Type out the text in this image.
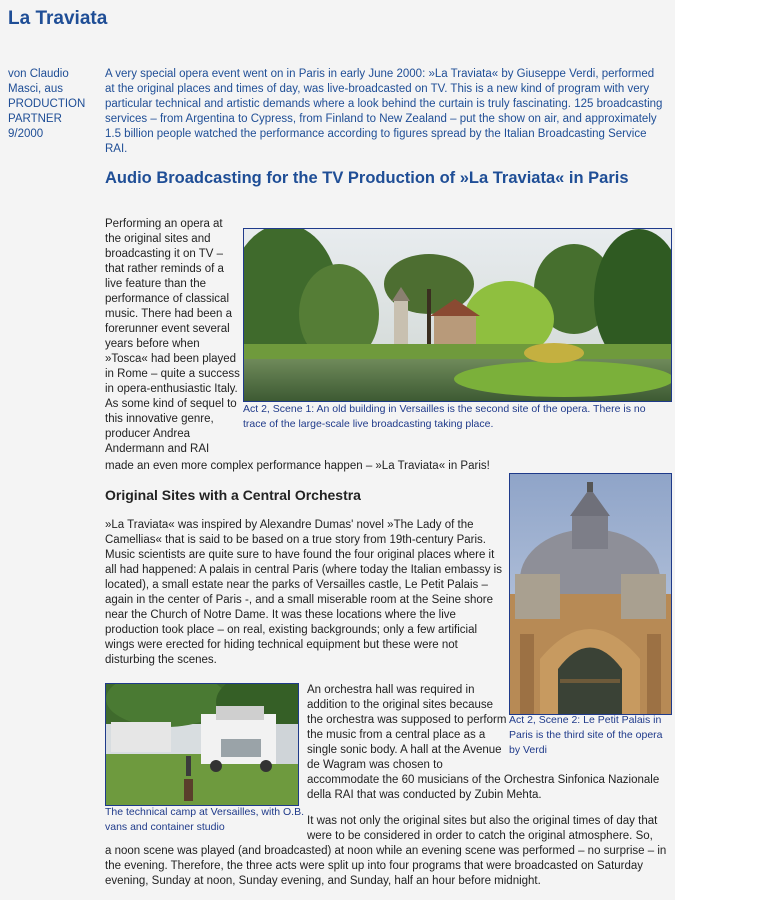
La Traviata
von Claudio Masci, aus PRODUCTION PARTNER 9/2000
A very special opera event went on in Paris in early June 2000: »La Traviata« by Giuseppe Verdi, performed at the original places and times of day, was live-broadcasted on TV. This is a new kind of program with very particular technical and artistic demands where a look behind the curtain is truly fascinating. 125 broadcasting services – from Argentina to Cypress, from Finland to New Zealand – put the show on air, and approximately 1.5 billion people watched the performance according to figures spread by the Italian Broadcasting Service RAI.
Audio Broadcasting for the TV Production of »La Traviata« in Paris
Performing an opera at the original sites and broadcasting it on TV – that rather reminds of a live feature than the performance of classical music. There had been a forerunner event several years before when »Tosca« had been played in Rome – quite a success in opera-enthusiastic Italy. As some kind of sequel to this innovative genre, producer Andrea Andermann and RAI
made an even more complex performance happen – »La Traviata« in Paris!
Act 2, Scene 1: An old building in Versailles is the second site of the opera. There is no trace of the large-scale live broadcasting taking place.
Original Sites with a Central Orchestra
»La Traviata« was inspired by Alexandre Dumas' novel »The Lady of the Camellias« that is said to be based on a true story from 19th-century Paris. Music scientists are quite sure to have found the four original places where it all had happened: A palais in central Paris (where today the Italian embassy is located), a small estate near the parks of Versailles castle, Le Petit Palais – again in the center of Paris -, and a small miserable room at the Seine shore near the Church of Notre Dame. It was these locations where the live production took place – on real, existing backgrounds; only a few artificial wings were erected for hiding technical equipment but these were not disturbing the scenes.
Act 2, Scene 2: Le Petit Palais in Paris is the third site of the opera by Verdi
The technical camp at Versailles, with O.B. vans and container studio
An orchestra hall was required in addition to the original sites because the orchestra was supposed to perform the music from a central place as a single sonic body. A hall at the Avenue de Wagram was chosen to
accommodate the 60 musicians of the Orchestra Sinfonica Nazionale della RAI that was conducted by Zubin Mehta.
It was not only the original sites but also the original times of day that were to be considered in order to catch the original atmosphere. So,
a noon scene was played (and broadcasted) at noon while an evening scene was performed – no surprise – in the evening. Therefore, the three acts were split up into four programs that were broadcasted on Saturday evening, Sunday at noon, Sunday evening, and Sunday, half an hour before midnight.
